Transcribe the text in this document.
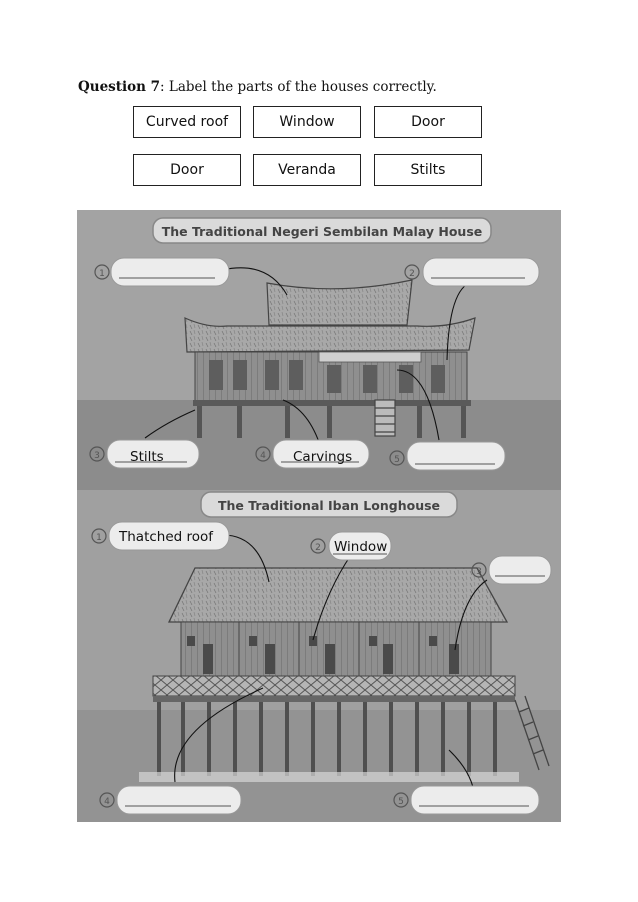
Question 7: Label the parts of the houses correctly.
Curved roof	Window	Door
Door	Veranda	Stilts
The Traditional Negeri Sembilan Malay House
1	2
3 Stilts	4 Carvings	5
The Traditional Iban Longhouse
1 Thatched roof
2 Window
3
4	5
